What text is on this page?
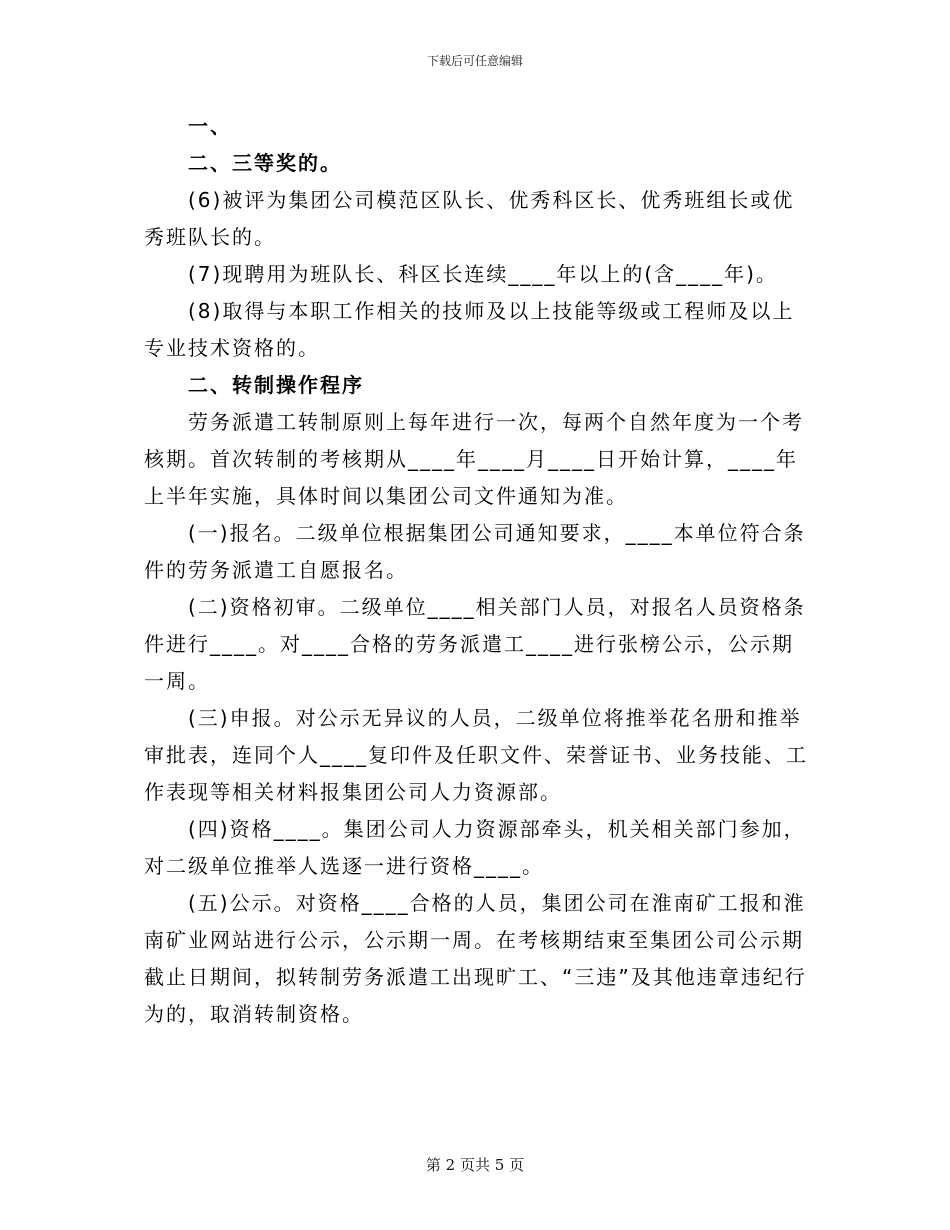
下载后可任意编辑

一、

二、三等奖的。

(6)被评为集团公司模范区队长、优秀科区长、优秀班组长或优秀班队长的。

(7)现聘用为班队长、科区长连续____年以上的(含____年)。

(8)取得与本职工作相关的技师及以上技能等级或工程师及以上专业技术资格的。

二、转制操作程序

劳务派遣工转制原则上每年进行一次，每两个自然年度为一个考核期。首次转制的考核期从____年____月____日开始计算，____年上半年实施，具体时间以集团公司文件通知为准。

(一)报名。二级单位根据集团公司通知要求，____本单位符合条件的劳务派遣工自愿报名。

(二)资格初审。二级单位____相关部门人员，对报名人员资格条件进行____。对____合格的劳务派遣工____进行张榜公示，公示期一周。

(三)申报。对公示无异议的人员，二级单位将推举花名册和推举审批表，连同个人____复印件及任职文件、荣誉证书、业务技能、工作表现等相关材料报集团公司人力资源部。

(四)资格____。集团公司人力资源部牵头，机关相关部门参加，对二级单位推举人选逐一进行资格____。

(五)公示。对资格____合格的人员，集团公司在淮南矿工报和淮南矿业网站进行公示，公示期一周。在考核期结束至集团公司公示期截止日期间，拟转制劳务派遣工出现旷工、“三违”及其他违章违纪行为的，取消转制资格。

第 2 页共 5 页
